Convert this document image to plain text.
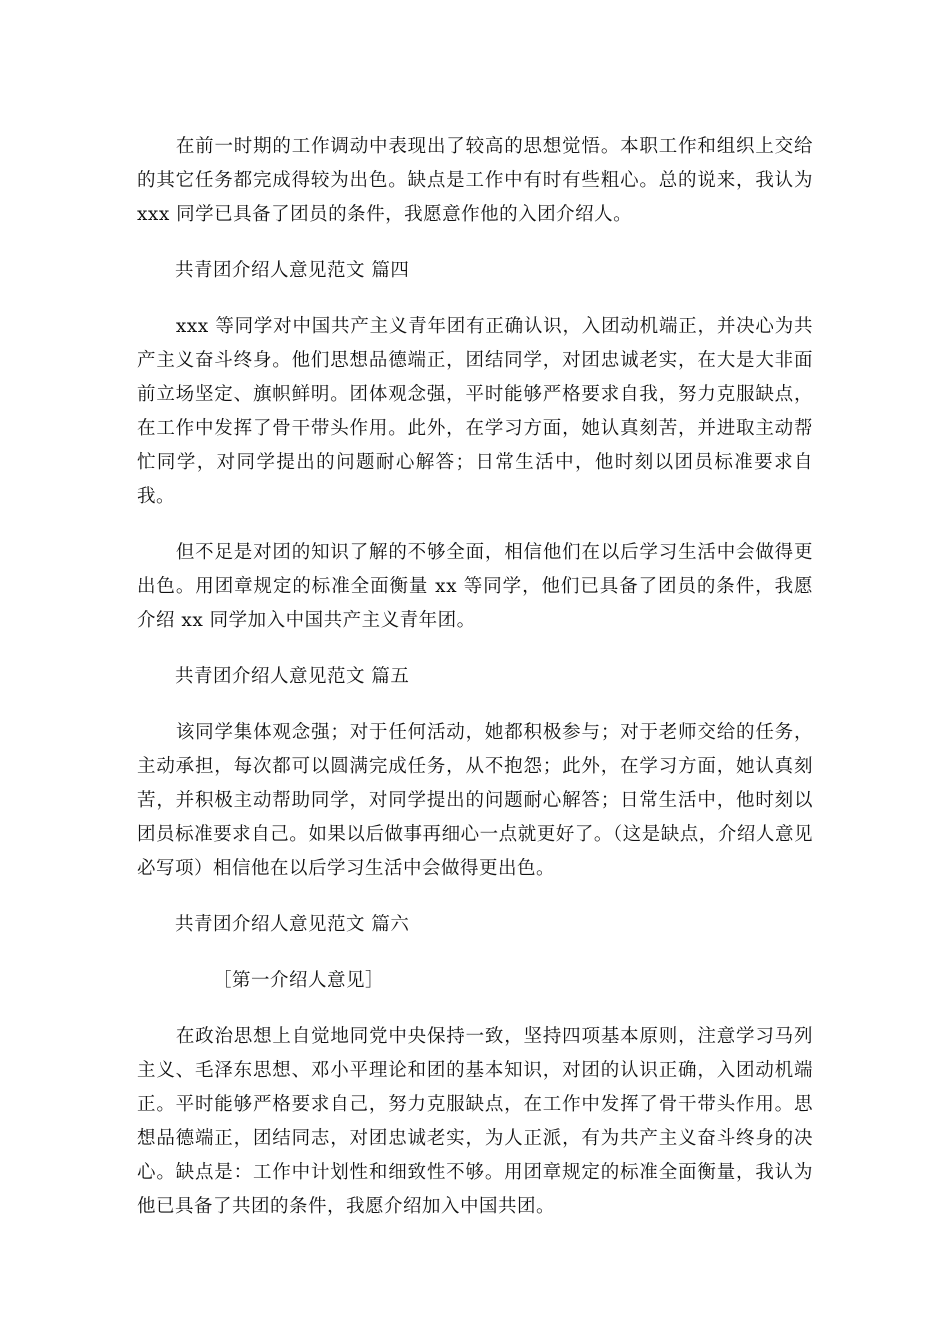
在前一时期的工作调动中表现出了较高的思想觉悟。本职工作和组织上交给的其它任务都完成得较为出色。缺点是工作中有时有些粗心。总的说来，我认为 xxx 同学已具备了团员的条件，我愿意作他的入团介绍人。

共青团介绍人意见范文 篇四

xxx 等同学对中国共产主义青年团有正确认识，入团动机端正，并决心为共产主义奋斗终身。他们思想品德端正，团结同学，对团忠诚老实，在大是大非面前立场坚定、旗帜鲜明。团体观念强，平时能够严格要求自我，努力克服缺点，在工作中发挥了骨干带头作用。此外，在学习方面，她认真刻苦，并进取主动帮忙同学，对同学提出的问题耐心解答；日常生活中，他时刻以团员标准要求自我。

但不足是对团的知识了解的不够全面，相信他们在以后学习生活中会做得更出色。用团章规定的标准全面衡量 xx 等同学，他们已具备了团员的条件，我愿介绍 xx 同学加入中国共产主义青年团。

共青团介绍人意见范文 篇五

该同学集体观念强；对于任何活动，她都积极参与；对于老师交给的任务，主动承担，每次都可以圆满完成任务，从不抱怨；此外，在学习方面，她认真刻苦，并积极主动帮助同学，对同学提出的问题耐心解答；日常生活中，他时刻以团员标准要求自己。如果以后做事再细心一点就更好了。（这是缺点，介绍人意见必写项）相信他在以后学习生活中会做得更出色。

共青团介绍人意见范文 篇六

［第一介绍人意见］

在政治思想上自觉地同党中央保持一致，坚持四项基本原则，注意学习马列主义、毛泽东思想、邓小平理论和团的基本知识，对团的认识正确，入团动机端正。平时能够严格要求自己，努力克服缺点，在工作中发挥了骨干带头作用。思想品德端正，团结同志，对团忠诚老实，为人正派，有为共产主义奋斗终身的决心。缺点是：工作中计划性和细致性不够。用团章规定的标准全面衡量，我认为他已具备了共团的条件，我愿介绍加入中国共团。
